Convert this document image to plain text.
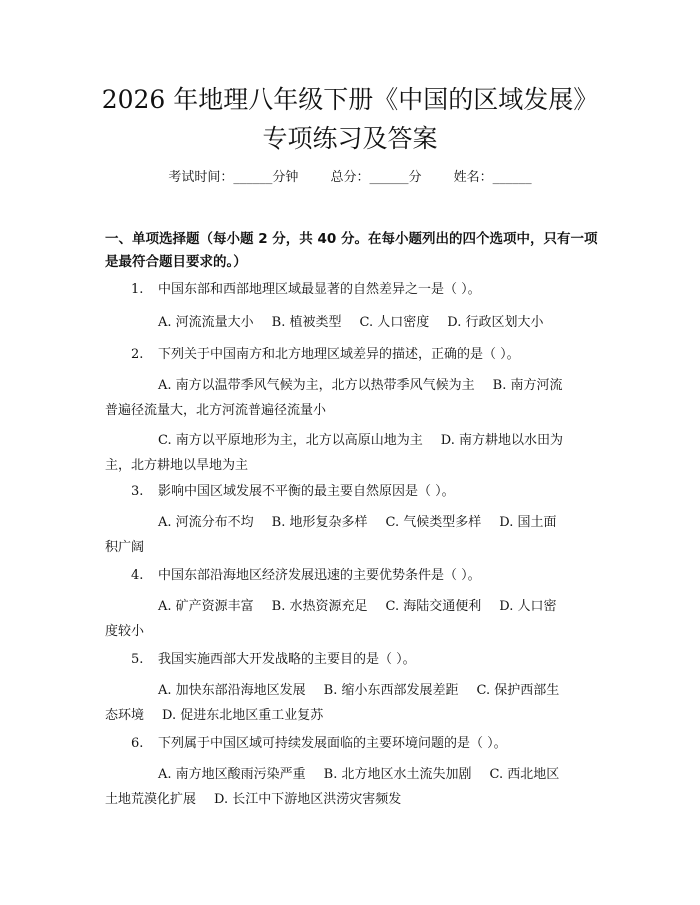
2026 年地理八年级下册《中国的区域发展》
专项练习及答案
考试时间：______分钟 总分：______分 姓名：______
一、单项选择题（每小题 2 分，共 40 分。在每小题列出的四个选项中，只有一项
是最符合题目要求的。）
1. 中国东部和西部地理区域最显著的自然差异之一是（ ）。
A. 河流流量大小 B. 植被类型 C. 人口密度 D. 行政区划大小
2. 下列关于中国南方和北方地理区域差异的描述，正确的是（ ）。
A. 南方以温带季风气候为主，北方以热带季风气候为主 B. 南方河流
普遍径流量大，北方河流普遍径流量小
C. 南方以平原地形为主，北方以高原山地为主 D. 南方耕地以水田为
主，北方耕地以旱地为主
3. 影响中国区域发展不平衡的最主要自然原因是（ ）。
A. 河流分布不均 B. 地形复杂多样 C. 气候类型多样 D. 国土面
积广阔
4. 中国东部沿海地区经济发展迅速的主要优势条件是（ ）。
A. 矿产资源丰富 B. 水热资源充足 C. 海陆交通便利 D. 人口密
度较小
5. 我国实施西部大开发战略的主要目的是（ ）。
A. 加快东部沿海地区发展 B. 缩小东西部发展差距 C. 保护西部生
态环境 D. 促进东北地区重工业复苏
6. 下列属于中国区域可持续发展面临的主要环境问题的是（ ）。
A. 南方地区酸雨污染严重 B. 北方地区水土流失加剧 C. 西北地区
土地荒漠化扩展 D. 长江中下游地区洪涝灾害频发
